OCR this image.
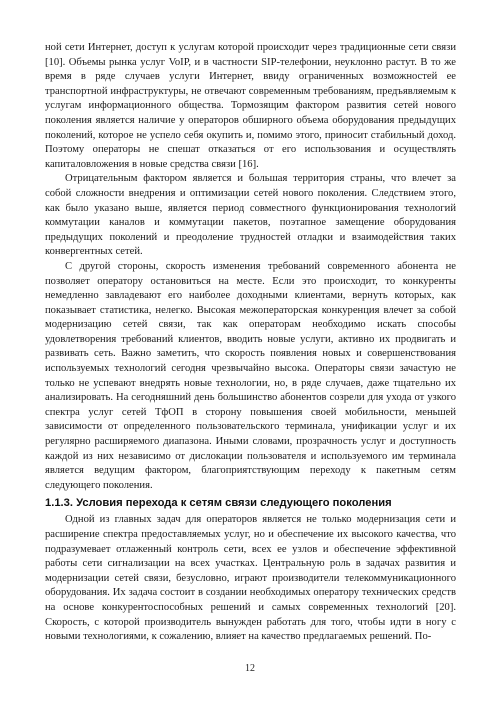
ной сети Интернет, доступ к услугам которой происходит через традиционные сети связи [10]. Объемы рынка услуг VoIP, и в частности SIP-телефонии, неуклонно растут. В то же время в ряде случаев услуги Интернет, ввиду ограниченных возможностей ее транспортной инфраструктуры, не отвечают современным требованиям, предъявляемым к услугам информационного общества. Тормозящим фактором развития сетей нового поколения является наличие у операторов обширного объема оборудования предыдущих поколений, которое не успело себя окупить и, помимо этого, приносит стабильный доход. Поэтому операторы не спешат отказаться от его использования и осуществлять капиталовложения в новые средства связи [16].

Отрицательным фактором является и большая территория страны, что влечет за собой сложности внедрения и оптимизации сетей нового поколения. Следствием этого, как было указано выше, является период совместного функционирования технологий коммутации каналов и коммутации пакетов, поэтапное замещение оборудования предыдущих поколений и преодоление трудностей отладки и взаимодействия таких конвергентных сетей.

С другой стороны, скорость изменения требований современного абонента не позволяет оператору остановиться на месте. Если это происходит, то конкуренты немедленно завладевают его наиболее доходными клиентами, вернуть которых, как показывает статистика, нелегко. Высокая межоператорская конкуренция влечет за собой модернизацию сетей связи, так как операторам необходимо искать способы удовлетворения требований клиентов, вводить новые услуги, активно их продвигать и развивать сеть. Важно заметить, что скорость появления новых и совершенствования используемых технологий сегодня чрезвычайно высока. Операторы связи зачастую не только не успевают внедрять новые технологии, но, в ряде случаев, даже тщательно их анализировать. На сегодняшний день большинство абонентов созрели для ухода от узкого спектра услуг сетей ТфОП в сторону повышения своей мобильности, меньшей зависимости от определенного пользовательского терминала, унификации услуг и их регулярно расширяемого диапазона. Иными словами, прозрачность услуг и доступность каждой из них независимо от дислокации пользователя и используемого им терминала является ведущим фактором, благоприятствующим переходу к пакетным сетям следующего поколения.

1.1.3. Условия перехода к сетям связи следующего поколения

Одной из главных задач для операторов является не только модернизация сети и расширение спектра предоставляемых услуг, но и обеспечение их высокого качества, что подразумевает отлаженный контроль сети, всех ее узлов и обеспечение эффективной работы сети сигнализации на всех участках. Центральную роль в задачах развития и модернизации сетей связи, безусловно, играют производители телекоммуникационного оборудования. Их задача состоит в создании необходимых оператору технических средств на основе конкурентоспособных решений и самых современных технологий [20]. Скорость, с которой производитель вынужден работать для того, чтобы идти в ногу с новыми технологиями, к сожалению, влияет на качество предлагаемых решений. По-

12
